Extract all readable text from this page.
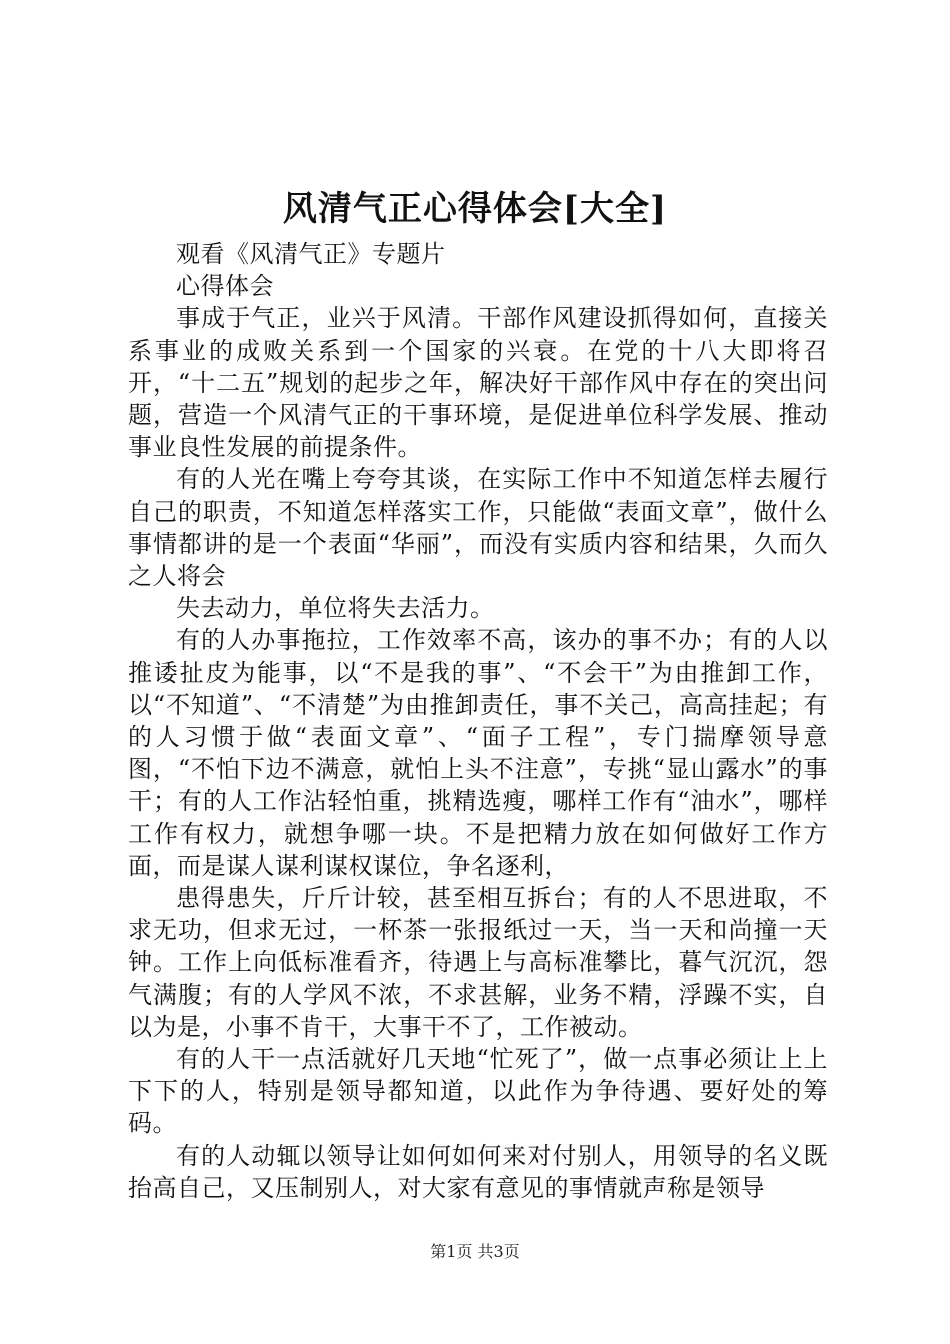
风清气正心得体会[大全]

观看《风清气正》专题片

心得体会

事成于气正，业兴于风清。干部作风建设抓得如何，直接关系事业的成败关系到一个国家的兴衰。在党的十八大即将召开，“十二五”规划的起步之年，解决好干部作风中存在的突出问题，营造一个风清气正的干事环境，是促进单位科学发展、推动事业良性发展的前提条件。

有的人光在嘴上夸夸其谈，在实际工作中不知道怎样去履行自己的职责，不知道怎样落实工作，只能做“表面文章”，做什么事情都讲的是一个表面“华丽”，而没有实质内容和结果，久而久之人将会

失去动力，单位将失去活力。

有的人办事拖拉，工作效率不高，该办的事不办；有的人以推诿扯皮为能事，以“不是我的事”、“不会干”为由推卸工作，以“不知道”、“不清楚”为由推卸责任，事不关己，高高挂起；有的人习惯于做“表面文章”、“面子工程”，专门揣摩领导意图，“不怕下边不满意，就怕上头不注意”，专挑“显山露水”的事干；有的人工作沾轻怕重，挑精选瘦，哪样工作有“油水”，哪样工作有权力，就想争哪一块。不是把精力放在如何做好工作方面，而是谋人谋利谋权谋位，争名逐利，

患得患失，斤斤计较，甚至相互拆台；有的人不思进取，不求无功，但求无过，一杯茶一张报纸过一天，当一天和尚撞一天钟。工作上向低标准看齐，待遇上与高标准攀比，暮气沉沉，怨气满腹；有的人学风不浓，不求甚解，业务不精，浮躁不实，自以为是，小事不肯干，大事干不了，工作被动。

有的人干一点活就好几天地“忙死了”，做一点事必须让上上下下的人，特别是领导都知道，以此作为争待遇、要好处的筹码。

有的人动辄以领导让如何如何来对付别人，用领导的名义既抬高自己，又压制别人，对大家有意见的事情就声称是领导

第1页 共3页
